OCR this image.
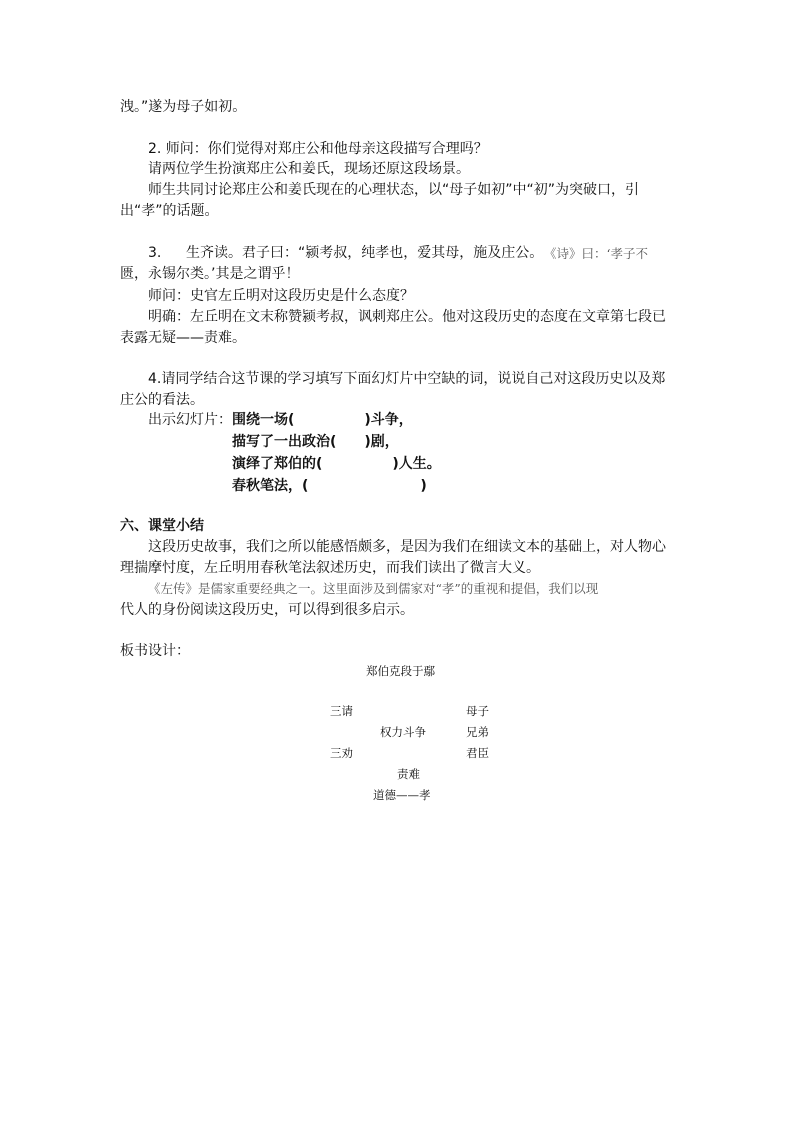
洩。”遂为母子如初。
2. 师问：你们觉得对郑庄公和他母亲这段描写合理吗？
请两位学生扮演郑庄公和姜氏，现场还原这段场景。
师生共同讨论郑庄公和姜氏现在的心理状态，以“母子如初”中“初”为突破口，引
出“孝”的话题。
3. 生齐读。君子曰：“颍考叔，纯孝也，爱其母，施及庄公。 《诗》曰：‘孝子不
匮，永锡尔类。’其是之谓乎！
师问：史官左丘明对这段历史是什么态度？
明确：左丘明在文末称赞颍考叔，讽刺郑庄公。他对这段历史的态度在文章第七段已
表露无疑——责难。
4.请同学结合这节课的学习填写下面幻灯片中空缺的词，说说自己对这段历史以及郑
庄公的看法。
出示幻灯片： 围绕一场(　　　　　)斗争，
描写了一出政治(　　)剧，
演绎了郑伯的(　　　　　)人生。
春秋笔法，(　　　　　　　　)
六、课堂小结
这段历史故事，我们之所以能感悟颇多，是因为我们在细读文本的基础上，对人物心
理揣摩忖度，左丘明用春秋笔法叙述历史，而我们读出了微言大义。
《左传》是儒家重要经典之一。这里面涉及到儒家对“孝”的重视和提倡，我们以现
代人的身份阅读这段历史，可以得到很多启示。
板书设计：
郑伯克段于鄢
三请	母子
权力斗争	兄弟
三劝	君臣
责难
道德——孝
